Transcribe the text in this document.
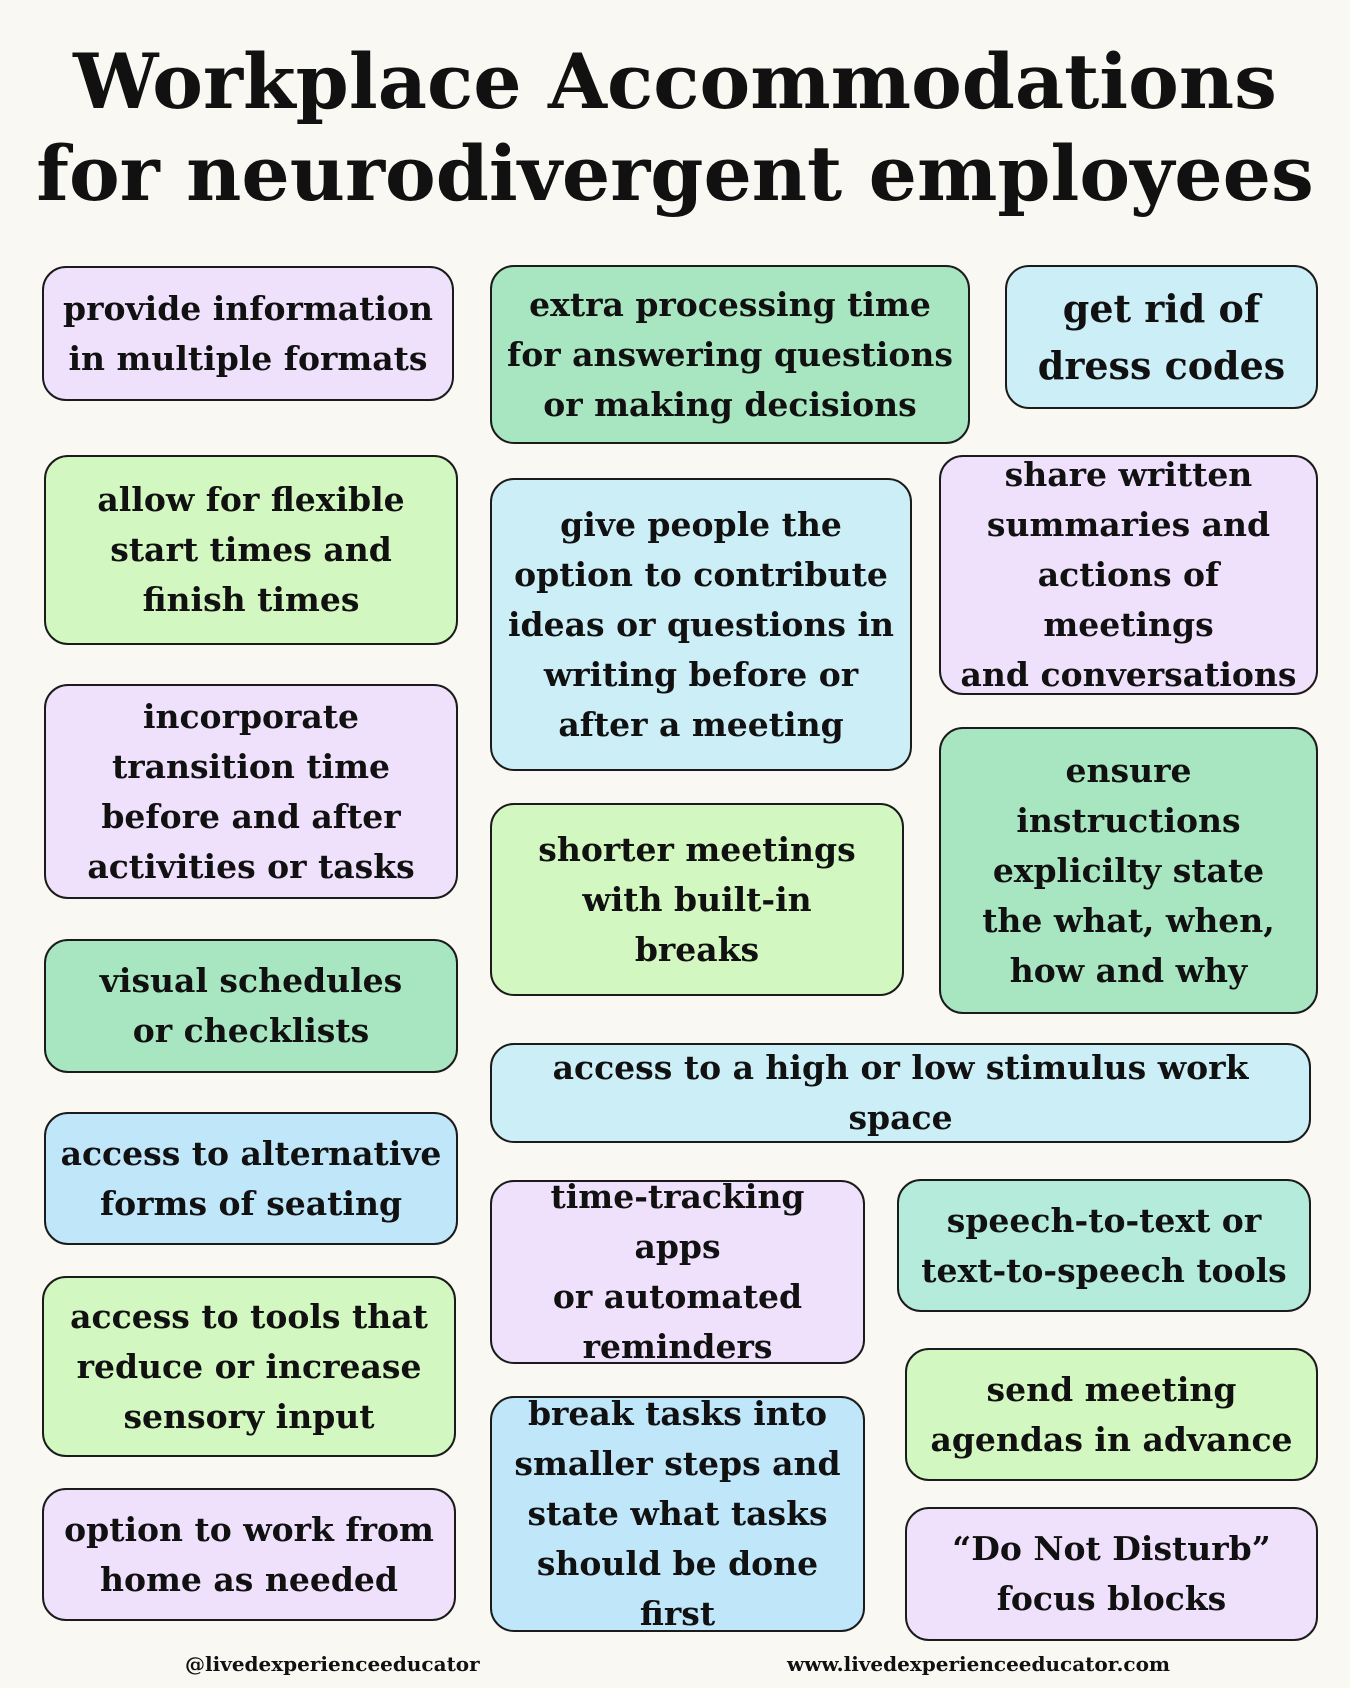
Workplace Accommodations
for neurodivergent employees
provide information
in multiple formats
allow for flexible
start times and
finish times
incorporate
transition time
before and after
activities or tasks
visual schedules
or checklists
access to alternative
forms of seating
access to tools that
reduce or increase
sensory input
option to work from
home as needed
extra processing time
for answering questions
or making decisions
give people the
option to contribute
ideas or questions in
writing before or
after a meeting
shorter meetings
with built-in
breaks
access to a high or low stimulus work space
time-tracking apps
or automated
reminders
break tasks into
smaller steps and
state what tasks
should be done first
get rid of
dress codes
share written
summaries and
actions of meetings
and conversations
ensure
instructions
explicilty state
the what, when,
how and why
speech-to-text or
text-to-speech tools
send meeting
agendas in advance
“Do Not Disturb”
focus blocks
@livedexperienceeducator	www.livedexperienceeducator.com
